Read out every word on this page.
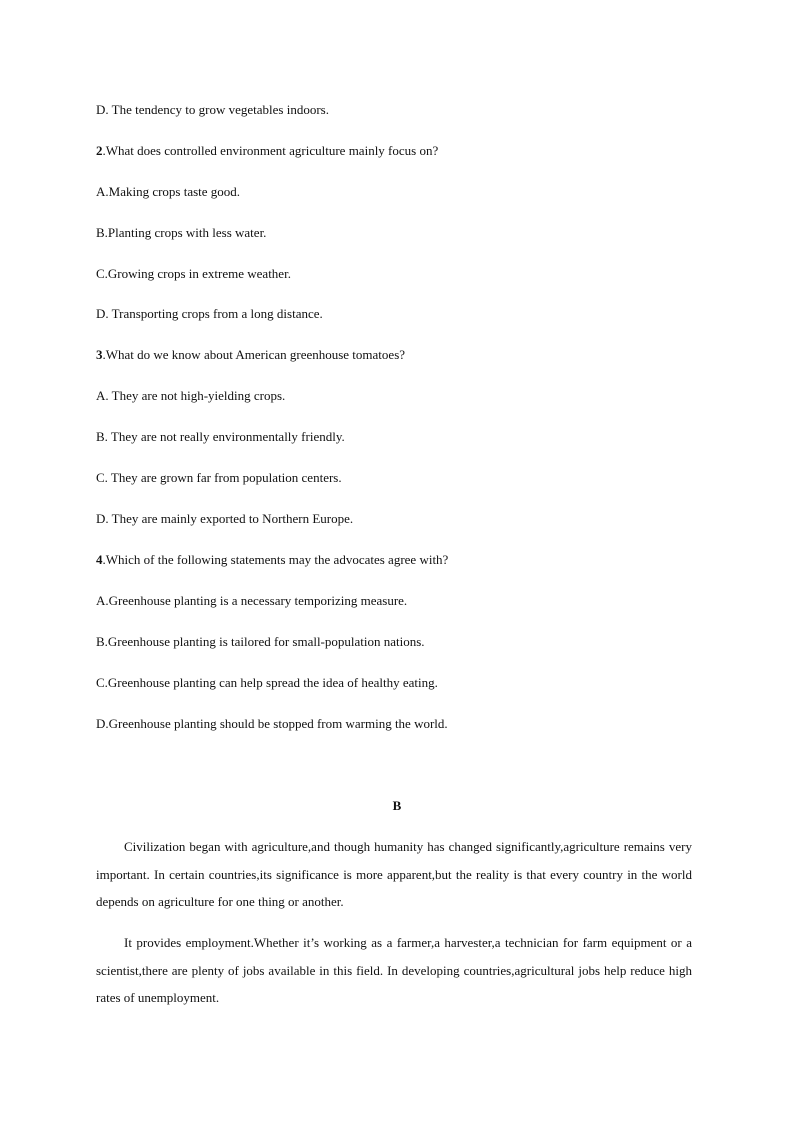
D. The tendency to grow vegetables indoors.
2.What does controlled environment agriculture mainly focus on?
A.Making crops taste good.
B.Planting crops with less water.
C.Growing crops in extreme weather.
D. Transporting crops from a long distance.
3.What do we know about American greenhouse tomatoes?
A. They are not high-yielding crops.
B. They are not really environmentally friendly.
C. They are grown far from population centers.
D. They are mainly exported to Northern Europe.
4.Which of the following statements may the advocates agree with?
A.Greenhouse planting is a necessary temporizing measure.
B.Greenhouse planting is tailored for small-population nations.
C.Greenhouse planting can help spread the idea of healthy eating.
D.Greenhouse planting should be stopped from warming the world.
B
Civilization began with agriculture,and though humanity has changed significantly,agriculture remains very important. In certain countries,its significance is more apparent,but the reality is that every country in the world depends on agriculture for one thing or another.
It provides employment.Whether it’s working as a farmer,a harvester,a technician for farm equipment or a scientist,there are plenty of jobs available in this field. In developing countries,agricultural jobs help reduce high rates of unemployment.
